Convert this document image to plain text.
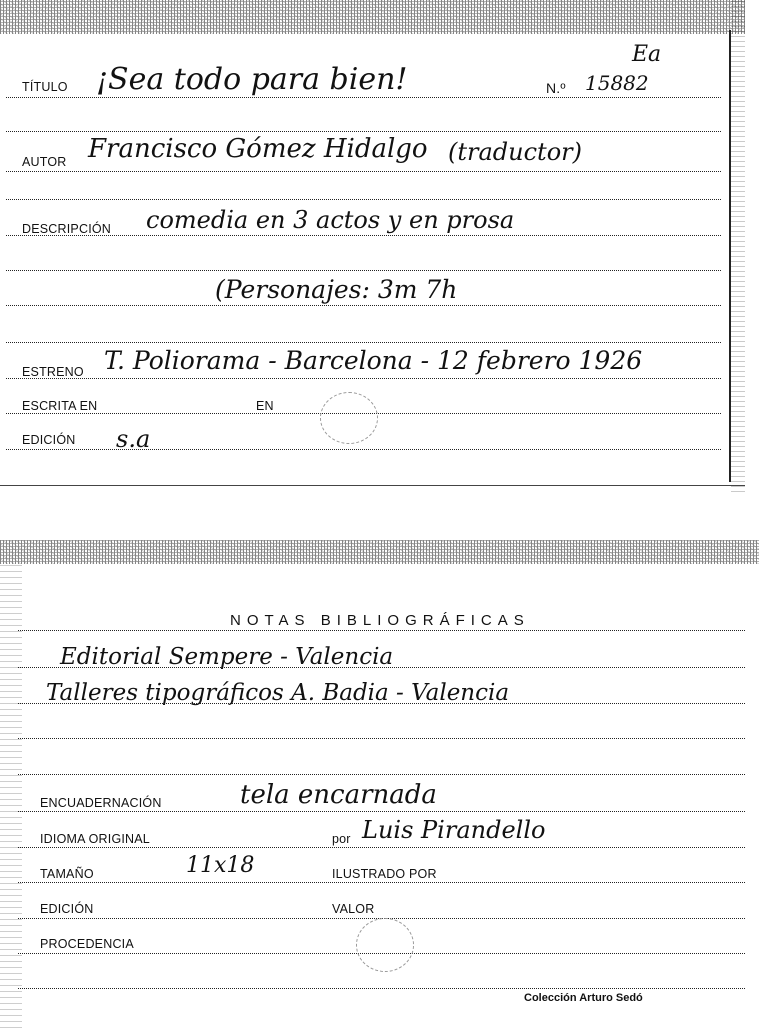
Ea
TÍTULO ¡Sea todo para bien!	N.º 15882
AUTOR Francisco Gómez Hidalgo (traductor)
DESCRIPCIÓN comedia en 3 actos y en prosa
(Personajes: 3m 7h
ESTRENO T. Poliorama - Barcelona - 12 febrero 1926
ESCRITA EN	EN
EDICIÓN s.a
NOTAS BIBLIOGRÁFICAS
Editorial Sempere - Valencia
Talleres tipográficos A. Badia - Valencia
ENCUADERNACIÓN	tela encarnada
IDIOMA ORIGINAL	por Luis Pirandello
TAMAÑO	11x18	ILUSTRADO POR
EDICIÓN	VALOR
PROCEDENCIA
Colección Arturo Sedó
